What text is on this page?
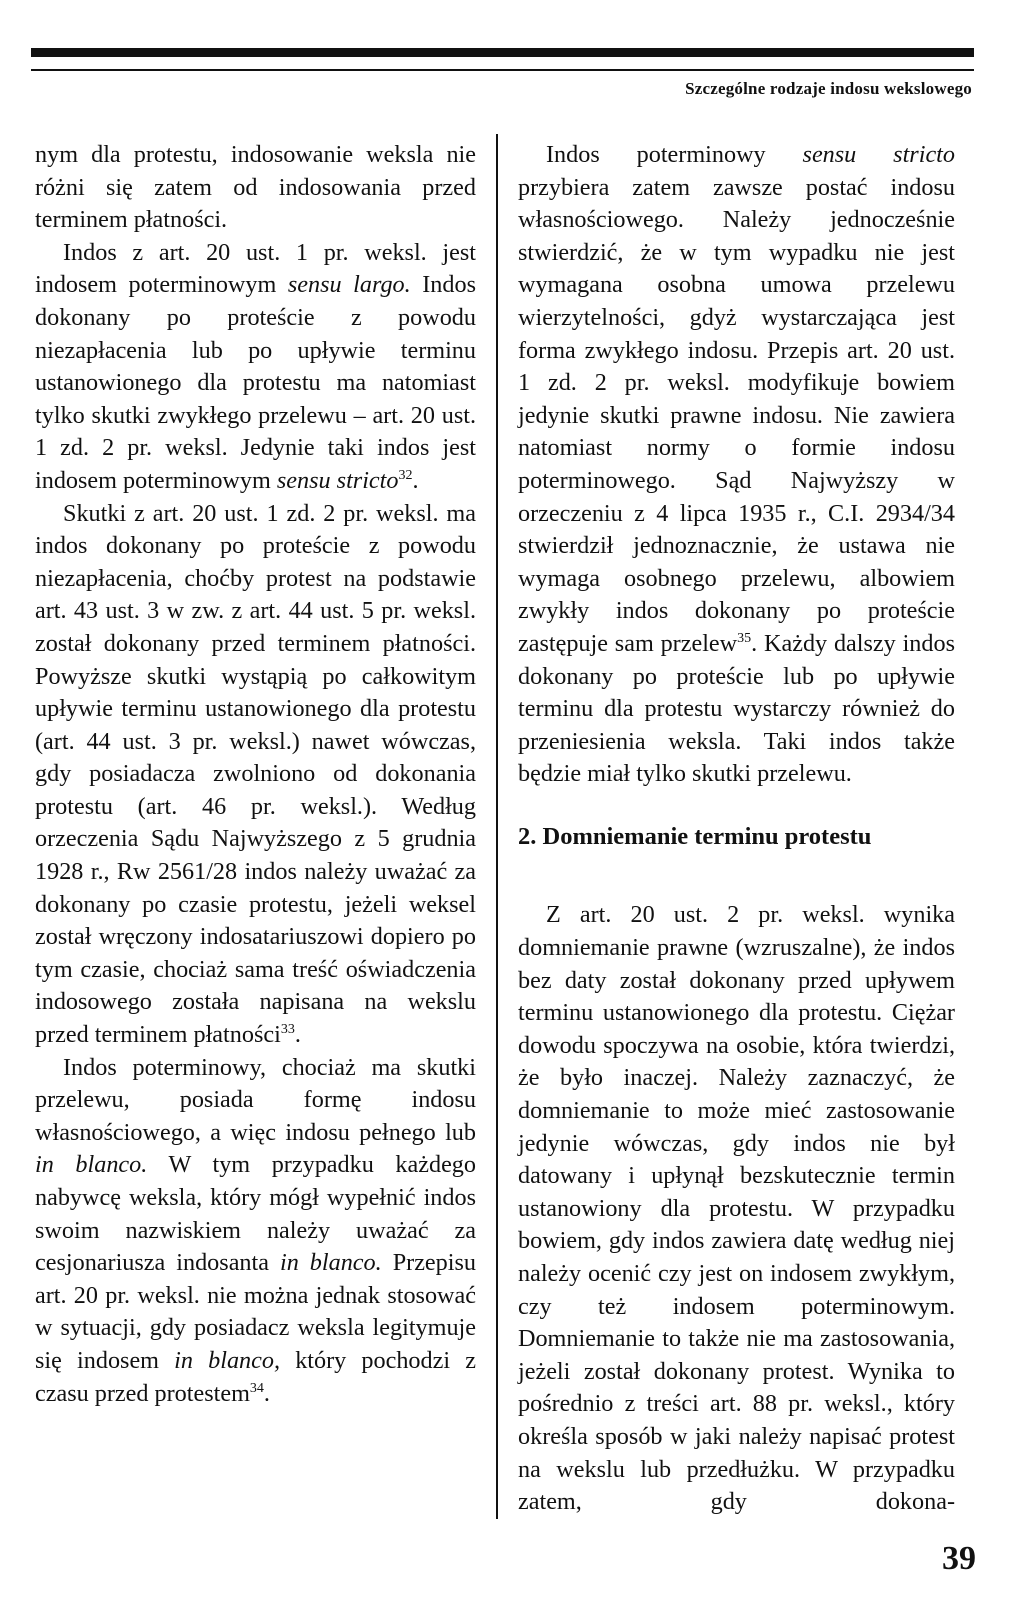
Szczególne rodzaje indosu wekslowego

nym dla protestu, indosowanie weksla nie różni się zatem od indosowania przed terminem płatności.

Indos z art. 20 ust. 1 pr. weksl. jest indosem poterminowym sensu largo. Indos dokonany po proteście z powodu niezapłacenia lub po upływie terminu ustanowionego dla protestu ma natomiast tylko skutki zwykłego przelewu – art. 20 ust. 1 zd. 2 pr. weksl. Jedynie taki indos jest indosem poterminowym sensu stricto$^{32}$.

Skutki z art. 20 ust. 1 zd. 2 pr. weksl. ma indos dokonany po proteście z powodu niezapłacenia, choćby protest na podstawie art. 43 ust. 3 w zw. z art. 44 ust. 5 pr. weksl. został dokonany przed terminem płatności. Powyższe skutki wystąpią po całkowitym upływie terminu ustanowionego dla protestu (art. 44 ust. 3 pr. weksl.) nawet wówczas, gdy posiadacza zwolniono od dokonania protestu (art. 46 pr. weksl.). Według orzeczenia Sądu Najwyższego z 5 grudnia 1928 r., Rw 2561/28 indos należy uważać za dokonany po czasie protestu, jeżeli weksel został wręczony indosatariuszowi dopiero po tym czasie, chociaż sama treść oświadczenia indosowego została napisana na wekslu przed terminem płatności$^{33}$.

Indos poterminowy, chociaż ma skutki przelewu, posiada formę indosu własnościowego, a więc indosu pełnego lub in blanco. W tym przypadku każdego nabywcę weksla, który mógł wypełnić indos swoim nazwiskiem należy uważać za cesjonariusza indosanta in blanco. Przepisu art. 20 pr. weksl. nie można jednak stosować w sytuacji, gdy posiadacz weksla legitymuje się indosem in blanco, który pochodzi z czasu przed protestem$^{34}$.

Indos poterminowy sensu stricto przybiera zatem zawsze postać indosu własnościowego. Należy jednocześnie stwierdzić, że w tym wypadku nie jest wymagana osobna umowa przelewu wierzytelności, gdyż wystarczająca jest forma zwykłego indosu. Przepis art. 20 ust. 1 zd. 2 pr. weksl. modyfikuje bowiem jedynie skutki prawne indosu. Nie zawiera natomiast normy o formie indosu poterminowego. Sąd Najwyższy w orzeczeniu z 4 lipca 1935 r., C.I. 2934/34 stwierdził jednoznacznie, że ustawa nie wymaga osobnego przelewu, albowiem zwykły indos dokonany po proteście zastępuje sam przelew$^{35}$. Każdy dalszy indos dokonany po proteście lub po upływie terminu dla protestu wystarczy również do przeniesienia weksla. Taki indos także będzie miał tylko skutki przelewu.

2. Domniemanie terminu protestu

Z art. 20 ust. 2 pr. weksl. wynika domniemanie prawne (wzruszalne), że indos bez daty został dokonany przed upływem terminu ustanowionego dla protestu. Ciężar dowodu spoczywa na osobie, która twierdzi, że było inaczej. Należy zaznaczyć, że domniemanie to może mieć zastosowanie jedynie wówczas, gdy indos nie był datowany i upłynął bezskutecznie termin ustanowiony dla protestu. W przypadku bowiem, gdy indos zawiera datę według niej należy ocenić czy jest on indosem zwykłym, czy też indosem poterminowym. Domniemanie to także nie ma zastosowania, jeżeli został dokonany protest. Wynika to pośrednio z treści art. 88 pr. weksl., który określa sposób w jaki należy napisać protest na wekslu lub przedłużku. W przypadku zatem, gdy dokona-

39
